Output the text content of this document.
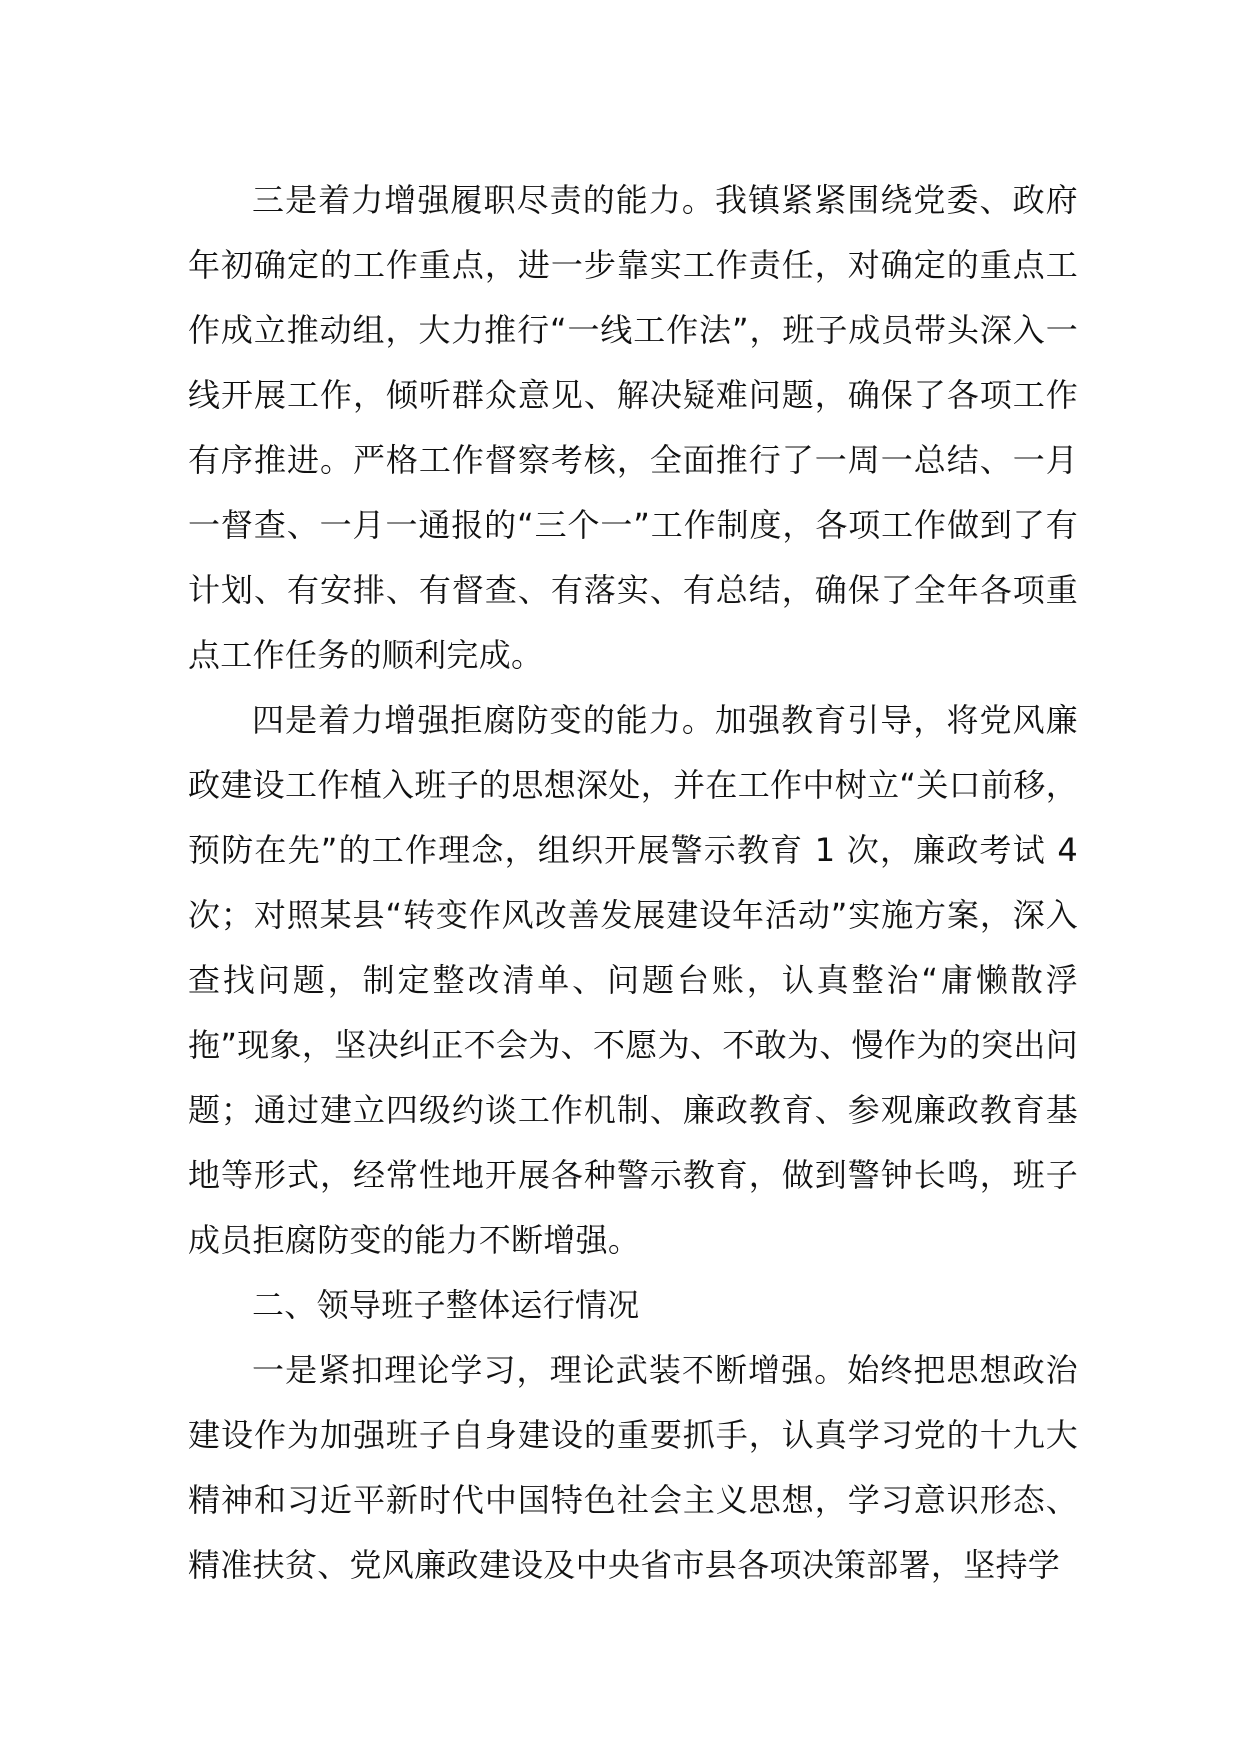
三是着力增强履职尽责的能力。我镇紧紧围绕党委、政府年初确定的工作重点，进一步靠实工作责任，对确定的重点工作成立推动组，大力推行“一线工作法”，班子成员带头深入一线开展工作，倾听群众意见、解决疑难问题，确保了各项工作有序推进。严格工作督察考核，全面推行了一周一总结、一月一督查、一月一通报的“三个一”工作制度，各项工作做到了有计划、有安排、有督查、有落实、有总结，确保了全年各项重点工作任务的顺利完成。

四是着力增强拒腐防变的能力。加强教育引导，将党风廉政建设工作植入班子的思想深处，并在工作中树立“关口前移，预防在先”的工作理念，组织开展警示教育 1 次，廉政考试 4 次；对照某县“转变作风改善发展建设年活动”实施方案，深入查找问题，制定整改清单、问题台账，认真整治“庸懒散浮拖”现象，坚决纠正不会为、不愿为、不敢为、慢作为的突出问题；通过建立四级约谈工作机制、廉政教育、参观廉政教育基地等形式，经常性地开展各种警示教育，做到警钟长鸣，班子成员拒腐防变的能力不断增强。

二、领导班子整体运行情况

一是紧扣理论学习，理论武装不断增强。始终把思想政治建设作为加强班子自身建设的重要抓手，认真学习党的十九大精神和习近平新时代中国特色社会主义思想，学习意识形态、精准扶贫、党风廉政建设及中央省市县各项决策部署，坚持学
